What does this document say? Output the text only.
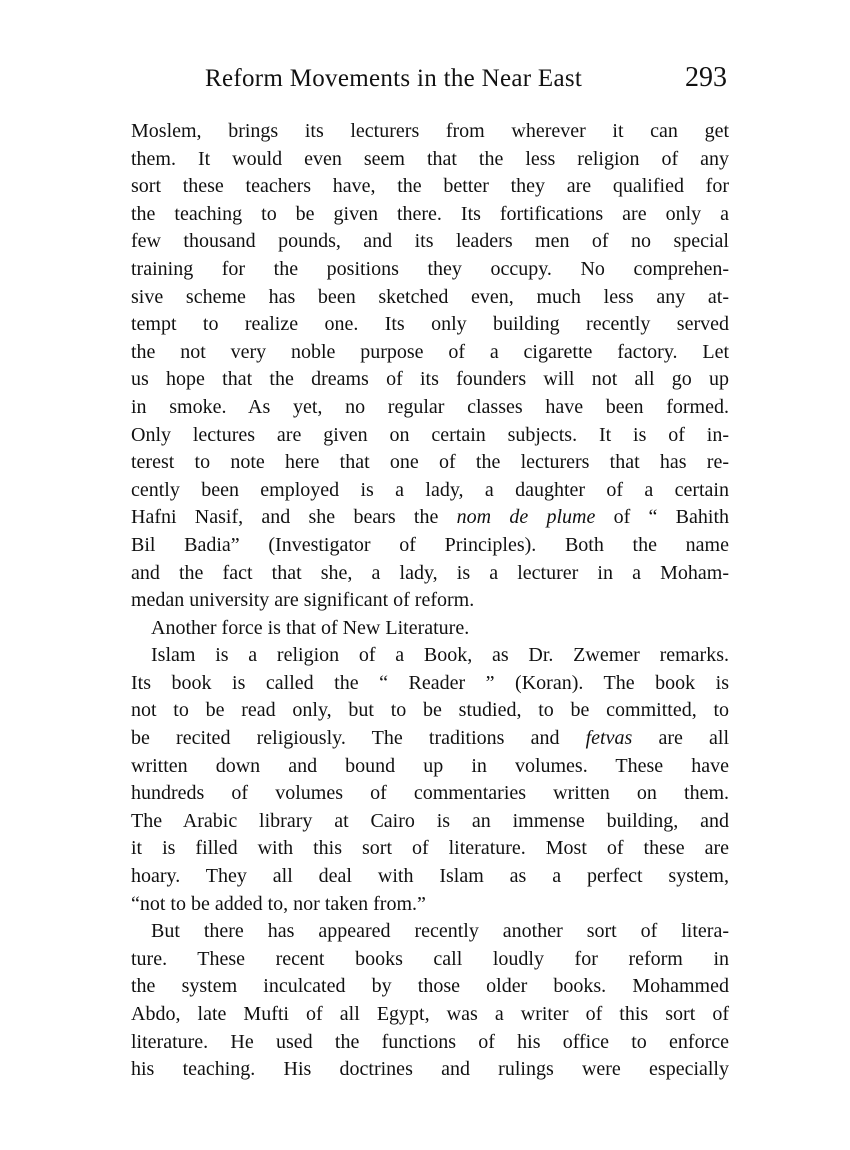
Reform Movements in the Near East	293
Moslem, brings its lecturers from wherever it can get
them. It would even seem that the less religion of any
sort these teachers have, the better they are qualified for
the teaching to be given there. Its fortifications are only a
few thousand pounds, and its leaders men of no special
training for the positions they occupy. No comprehen-
sive scheme has been sketched even, much less any at-
tempt to realize one. Its only building recently served
the not very noble purpose of a cigarette factory. Let
us hope that the dreams of its founders will not all go up
in smoke. As yet, no regular classes have been formed.
Only lectures are given on certain subjects. It is of in-
terest to note here that one of the lecturers that has re-
cently been employed is a lady, a daughter of a certain
Hafni Nasif, and she bears the nom de plume of “ Bahith
Bil Badia” (Investigator of Principles). Both the name
and the fact that she, a lady, is a lecturer in a Moham-
medan university are significant of reform.
Another force is that of New Literature.
Islam is a religion of a Book, as Dr. Zwemer remarks.
Its book is called the “ Reader ” (Koran). The book is
not to be read only, but to be studied, to be committed, to
be recited religiously. The traditions and fetvas are all
written down and bound up in volumes. These have
hundreds of volumes of commentaries written on them.
The Arabic library at Cairo is an immense building, and
it is filled with this sort of literature. Most of these are
hoary. They all deal with Islam as a perfect system,
“not to be added to, nor taken from.”
But there has appeared recently another sort of litera-
ture. These recent books call loudly for reform in
the system inculcated by those older books. Mohammed
Abdo, late Mufti of all Egypt, was a writer of this sort of
literature. He used the functions of his office to enforce
his teaching. His doctrines and rulings were especially
